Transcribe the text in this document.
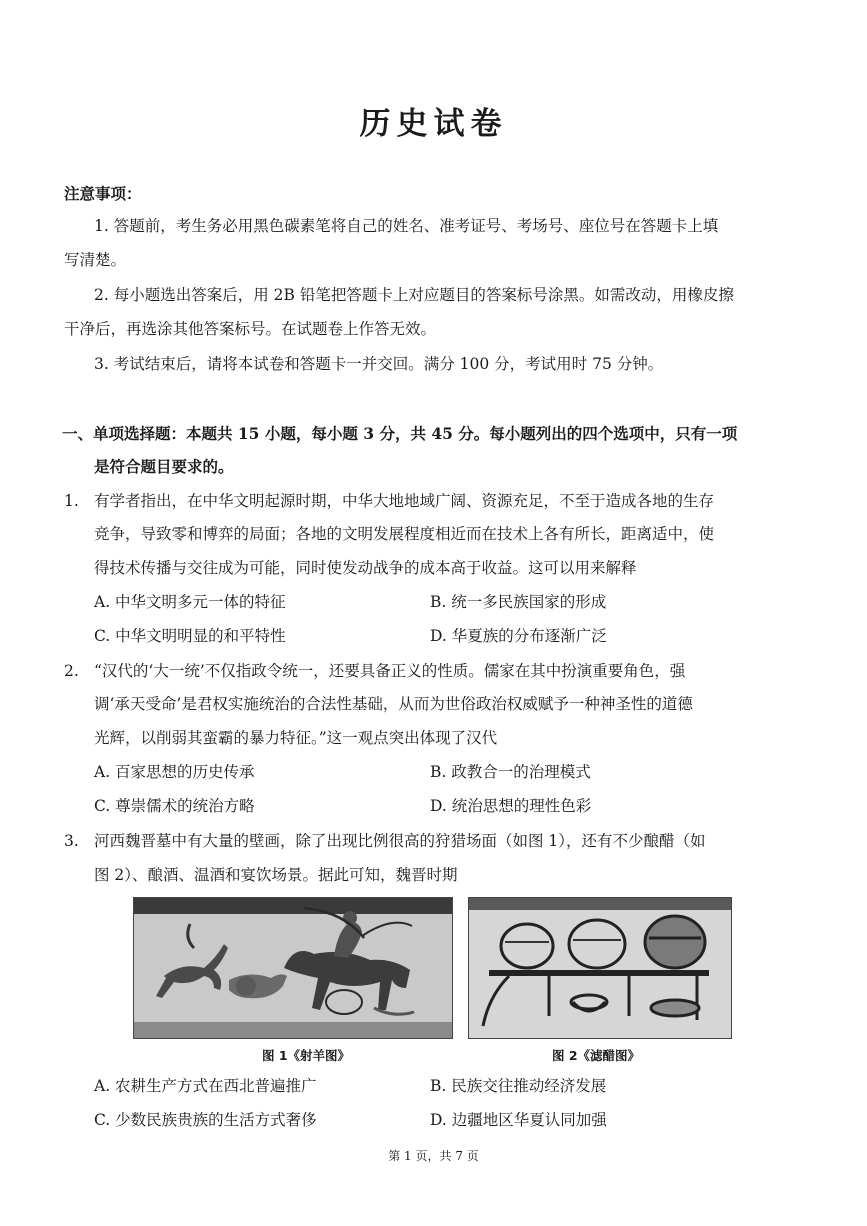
历史试卷
注意事项：
1. 答题前，考生务必用黑色碳素笔将自己的姓名、准考证号、考场号、座位号在答题卡上填
写清楚。
2. 每小题选出答案后，用 2B 铅笔把答题卡上对应题目的答案标号涂黑。如需改动，用橡皮擦
干净后，再选涂其他答案标号。在试题卷上作答无效。
3. 考试结束后，请将本试卷和答题卡一并交回。满分 100 分，考试用时 75 分钟。
一、单项选择题：本题共 15 小题，每小题 3 分，共 45 分。每小题列出的四个选项中，只有一项
是符合题目要求的。
1. 有学者指出，在中华文明起源时期，中华大地地域广阔、资源充足，不至于造成各地的生存
竞争，导致零和博弈的局面；各地的文明发展程度相近而在技术上各有所长，距离适中，使
得技术传播与交往成为可能，同时使发动战争的成本高于收益。这可以用来解释
A. 中华文明多元一体的特征	B. 统一多民族国家的形成
C. 中华文明明显的和平特性	D. 华夏族的分布逐渐广泛
2. “汉代的‘大一统’不仅指政令统一，还要具备正义的性质。儒家在其中扮演重要角色，强
调‘承天受命’是君权实施统治的合法性基础，从而为世俗政治权威赋予一种神圣性的道德
光辉，以削弱其蛮霸的暴力特征。”这一观点突出体现了汉代
A. 百家思想的历史传承	B. 政教合一的治理模式
C. 尊崇儒术的统治方略	D. 统治思想的理性色彩
3. 河西魏晋墓中有大量的壁画，除了出现比例很高的狩猎场面（如图 1），还有不少酿醋（如
图 2）、酿酒、温酒和宴饮场景。据此可知，魏晋时期
图 1《射羊图》	图 2《滤醋图》
A. 农耕生产方式在西北普遍推广	B. 民族交往推动经济发展
C. 少数民族贵族的生活方式奢侈	D. 边疆地区华夏认同加强
第 1 页，共 7 页
